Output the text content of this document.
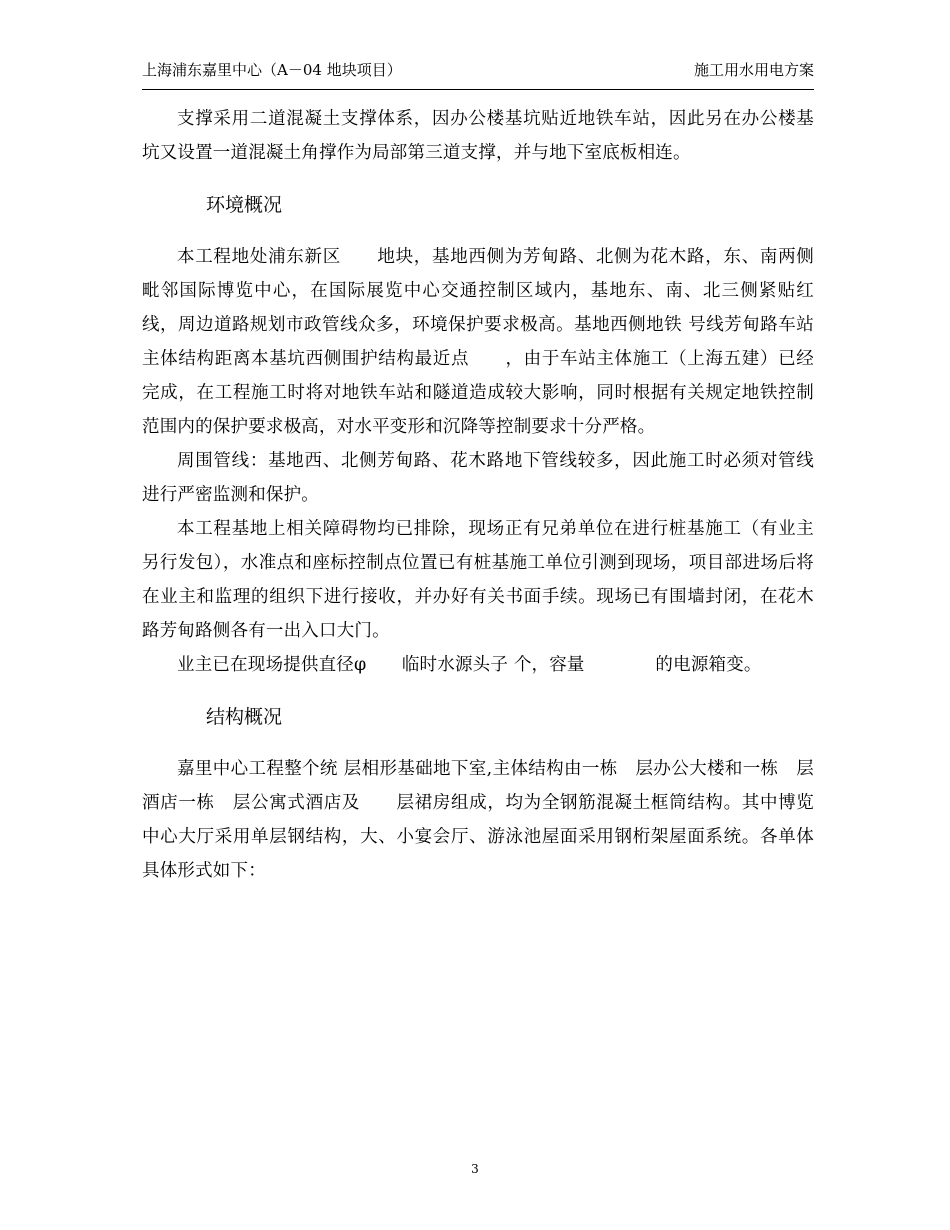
上海浦东嘉里中心（A－04 地块项目）	施工用水用电方案

支撑采用二道混凝土支撑体系，因办公楼基坑贴近地铁车站，因此另在办公楼基坑又设置一道混凝土角撑作为局部第三道支撑，并与地下室底板相连。

环境概况

本工程地处浦东新区　　地块，基地西侧为芳甸路、北侧为花木路，东、南两侧毗邻国际博览中心，在国际展览中心交通控制区域内，基地东、南、北三侧紧贴红线，周边道路规划市政管线众多，环境保护要求极高。基地西侧地铁 号线芳甸路车站主体结构距离本基坑西侧围护结构最近点　　，由于车站主体施工（上海五建）已经完成，在工程施工时将对地铁车站和隧道造成较大影响，同时根据有关规定地铁控制范围内的保护要求极高，对水平变形和沉降等控制要求十分严格。

周围管线：基地西、北侧芳甸路、花木路地下管线较多，因此施工时必须对管线进行严密监测和保护。

本工程基地上相关障碍物均已排除，现场正有兄弟单位在进行桩基施工（有业主另行发包），水准点和座标控制点位置已有桩基施工单位引测到现场，项目部进场后将在业主和监理的组织下进行接收，并办好有关书面手续。现场已有围墙封闭，在花木路芳甸路侧各有一出入口大门。

业主已在现场提供直径φ　　临时水源头子 个，容量　　　　的电源箱变。

结构概况

嘉里中心工程整个统 层相形基础地下室,主体结构由一栋　层办公大楼和一栋　层酒店一栋　层公寓式酒店及　　层裙房组成，均为全钢筋混凝土框筒结构。其中博览中心大厅采用单层钢结构，大、小宴会厅、游泳池屋面采用钢桁架屋面系统。各单体具体形式如下：

3
